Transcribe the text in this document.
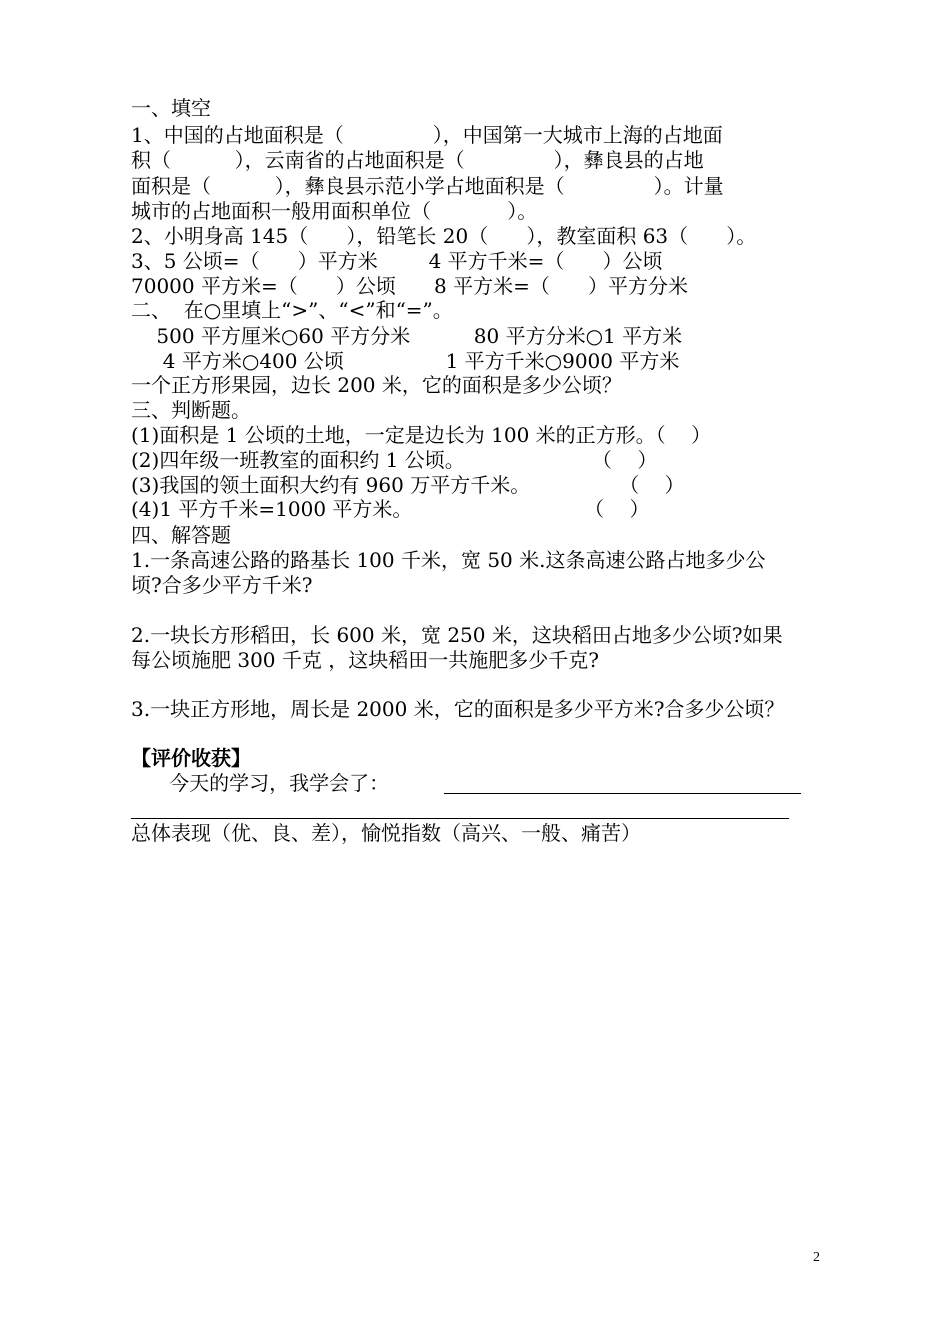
一、填空

1、中国的占地面积是（              ），中国第一大城市上海的占地面

积（          ），云南省的占地面积是（              ），彝良县的占地

面积是（          ），彝良县示范小学占地面积是（              ）。计量

城市的占地面积一般用面积单位（            ）。

2、小明身高 145（      ），铅笔长 20（      ），教室面积 63（      ）。

3、5 公顷=（      ）平方米        4 平方千米=（      ）公顷

70000 平方米=（      ）公顷      8 平方米=（      ）平方分米

二、  在○里填上“>”、“<”和“=”。

500 平方厘米○60 平方分米          80 平方分米○1 平方米

4 平方米○400 公顷                1 平方千米○9000 平方米

一个正方形果园，边长 200 米，它的面积是多少公顷？

三、判断题。

(1)面积是 1 公顷的土地，一定是边长为 100 米的正方形。（    ）

(2)四年级一班教室的面积约 1 公顷。                    （    ）

(3)我国的领土面积大约有 960 万平方千米。              （    ）

(4)1 平方千米=1000 平方米。                           （    ）

四、解答题

1.一条高速公路的路基长 100 千米，宽 50 米.这条高速公路占地多少公

顷?合多少平方千米?

2.一块长方形稻田，长 600 米，宽 250 米，这块稻田占地多少公顷?如果

每公顷施肥 300 千克 ，这块稻田一共施肥多少千克?

3.一块正方形地，周长是 2000 米，它的面积是多少平方米?合多少公顷？

【评价收获】

今天的学习，我学会了：

总体表现（优、良、差），愉悦指数（高兴、一般、痛苦）

2
